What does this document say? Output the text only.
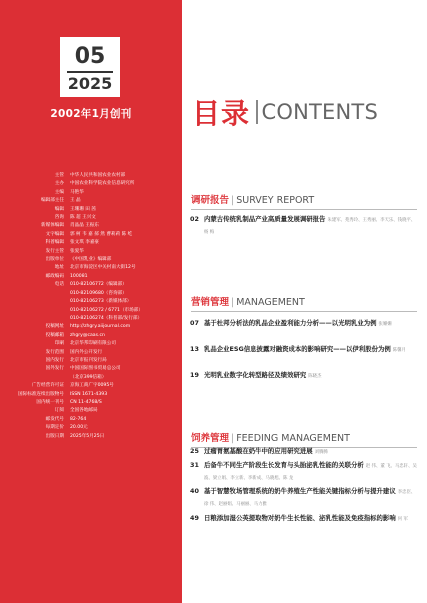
05
2025
2002年1月创刊
主管	中华人民共和国农业农村部
主办	中国农业科学院农业信息研究所
主编	马艳华
编辑部主任	王 晶
编辑	王珊珊 田 茜
咨询	陈 超 王兴文
新媒体编辑	肖晶晶 王振东
文字编辑	郭 柯 韦 嘉 郝 然 曹莉莉 陈 屹
科普编辑	张文琪 李嘉豪
发行主管	张爱华
出版单位	《中国乳业》编辑部
地址	北京市海淀区中关村南大街12号
邮政编码	100081
电话	010-82106772（编辑部）
010-82109680（咨询部）
010-82106273（新媒体部）
010-82106272 / 6771（市场部）
010-82106274（科普部/发行部）
投稿网址	http://zhgry.aiijournal.com
投稿邮箱	zhgry@caas.cn
印刷	北京华邦印刷有限公司
发行范围	国内外公开发行
国内发行	北京市报刊发行局
国外发行	中国国际图书贸易总公司
（北京399信箱）
广告经营许可证	京海工商广字0095号
国际标准连续出版物号	ISSN 1671-4393
国内统一刊号	CN 11-4768/S
订阅	全国各地邮局
邮发代号	82-764
每期定价	20.00元
出版日期	2025年5月25日
目录 CONTENTS
调研报告 | SURVEY REPORT
02 内蒙古传统乳制品产业高质量发展调研报告 朱建军、苑秀玲、王秀丽、李天乐、钱晓平、杨 梅
营销管理 | MANAGEMENT
07 基于杜邦分析法的乳品企业盈利能力分析——以光明乳业为例 张姗姗
13 乳品企业ESG信息披露对融资成本的影响研究——以伊利股份为例 陈馨月
19 光明乳业数字化转型路径及绩效研究 陈晓杰
饲养管理 | FEEDING MANAGEMENT
25 过瘤胃氨基酸在奶牛中的应用研究进展 刘腾腾
31 后备牛不同生产阶段生长发育与头胎泌乳性能的关联分析 赵 伟、董 飞、马忠轩、吴 波、梁立娟、李立新、李新成、马晓旭、陈 龙
40 基于智慧牧场管理系统的奶牛养殖生产性能关键指标分析与提升建议 李忠臣、徐 伟、赵丽娟、马丽丽、马力雅
49 日粮添加湿公英提取物对奶牛生长性能、泌乳性能及免疫指标的影响 何 军
